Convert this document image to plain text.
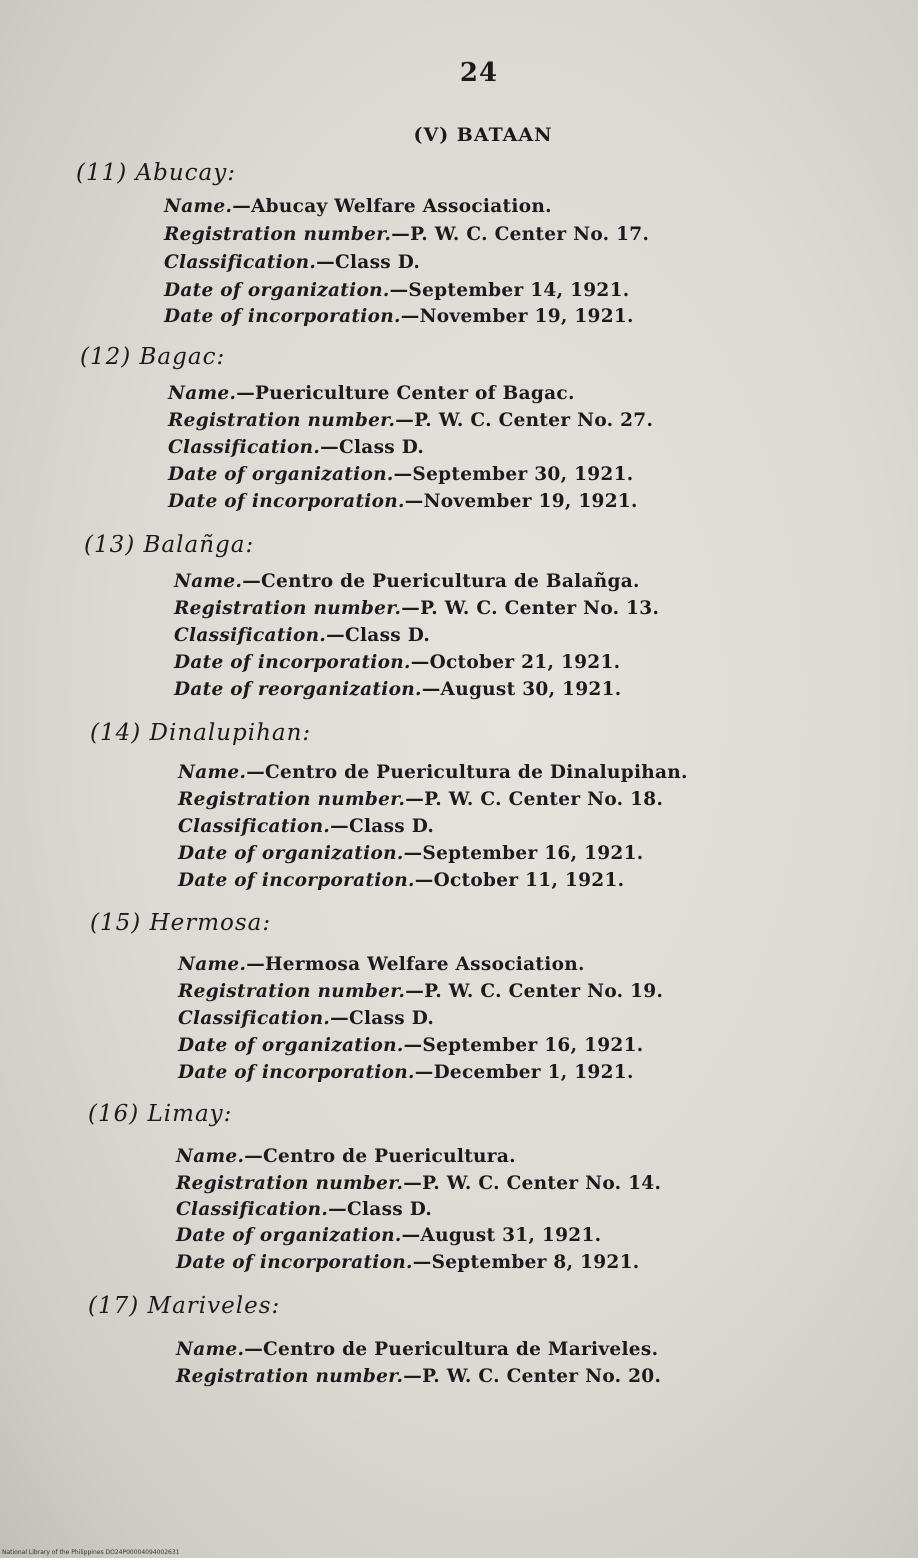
24
(V) BATAAN
(11) Abucay:
Name.—Abucay Welfare Association.
Registration number.—P. W. C. Center No. 17.
Classification.—Class D.
Date of organization.—September 14, 1921.
Date of incorporation.—November 19, 1921.
(12) Bagac:
Name.—Puericulture Center of Bagac.
Registration number.—P. W. C. Center No. 27.
Classification.—Class D.
Date of organization.—September 30, 1921.
Date of incorporation.—November 19, 1921.
(13) Balañga:
Name.—Centro de Puericultura de Balañga.
Registration number.—P. W. C. Center No. 13.
Classification.—Class D.
Date of incorporation.—October 21, 1921.
Date of reorganization.—August 30, 1921.
(14) Dinalupihan:
Name.—Centro de Puericultura de Dinalupihan.
Registration number.—P. W. C. Center No. 18.
Classification.—Class D.
Date of organization.—September 16, 1921.
Date of incorporation.—October 11, 1921.
(15) Hermosa:
Name.—Hermosa Welfare Association.
Registration number.—P. W. C. Center No. 19.
Classification.—Class D.
Date of organization.—September 16, 1921.
Date of incorporation.—December 1, 1921.
(16) Limay:
Name.—Centro de Puericultura.
Registration number.—P. W. C. Center No. 14.
Classification.—Class D.
Date of organization.—August 31, 1921.
Date of incorporation.—September 8, 1921.
(17) Mariveles:
Name.—Centro de Puericultura de Mariveles.
Registration number.—P. W. C. Center No. 20.
National Library of the Philippines DO24P00004094002631
